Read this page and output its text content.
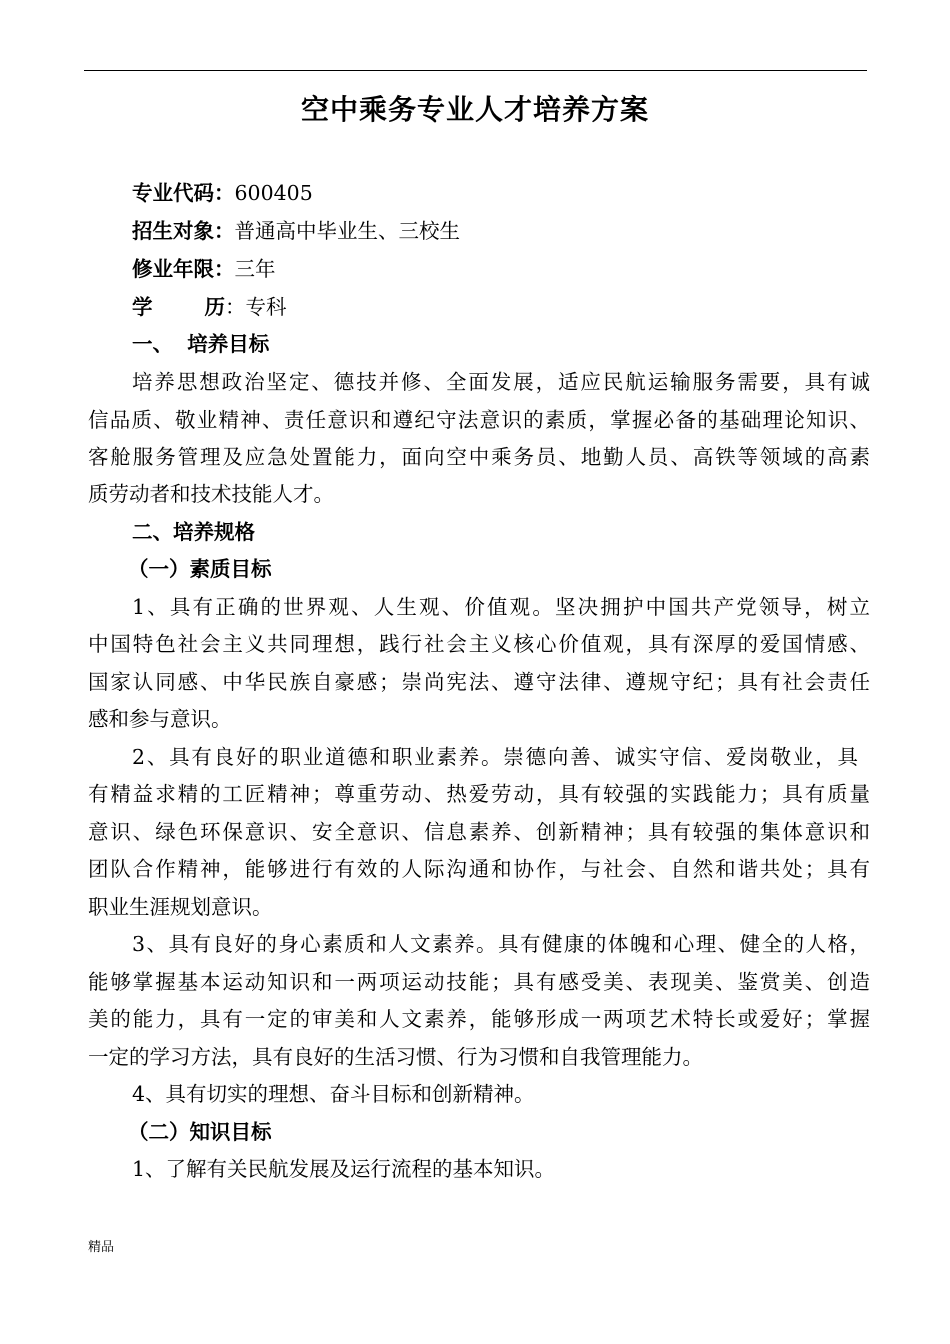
空中乘务专业人才培养方案
专业代码：600405
招生对象：普通高中毕业生、三校生
修业年限：三年
学	历：专科
一、  培养目标
培养思想政治坚定、德技并修、全面发展，适应民航运输服务需要，具有诚
信品质、敬业精神、责任意识和遵纪守法意识的素质，掌握必备的基础理论知识、
客舱服务管理及应急处置能力，面向空中乘务员、地勤人员、高铁等领域的高素
质劳动者和技术技能人才。
二、培养规格
（一）素质目标
1、具有正确的世界观、人生观、价值观。坚决拥护中国共产党领导，树立
中国特色社会主义共同理想，践行社会主义核心价值观，具有深厚的爱国情感、
国家认同感、中华民族自豪感；崇尚宪法、遵守法律、遵规守纪；具有社会责任
感和参与意识。
2、具有良好的职业道德和职业素养。崇德向善、诚实守信、爱岗敬业，具
有精益求精的工匠精神；尊重劳动、热爱劳动，具有较强的实践能力；具有质量
意识、绿色环保意识、安全意识、信息素养、创新精神；具有较强的集体意识和
团队合作精神，能够进行有效的人际沟通和协作，与社会、自然和谐共处；具有
职业生涯规划意识。
3、具有良好的身心素质和人文素养。具有健康的体魄和心理、健全的人格，
能够掌握基本运动知识和一两项运动技能；具有感受美、表现美、鉴赏美、创造
美的能力，具有一定的审美和人文素养，能够形成一两项艺术特长或爱好；掌握
一定的学习方法，具有良好的生活习惯、行为习惯和自我管理能力。
4、具有切实的理想、奋斗目标和创新精神。
（二）知识目标
1、了解有关民航发展及运行流程的基本知识。
精品
